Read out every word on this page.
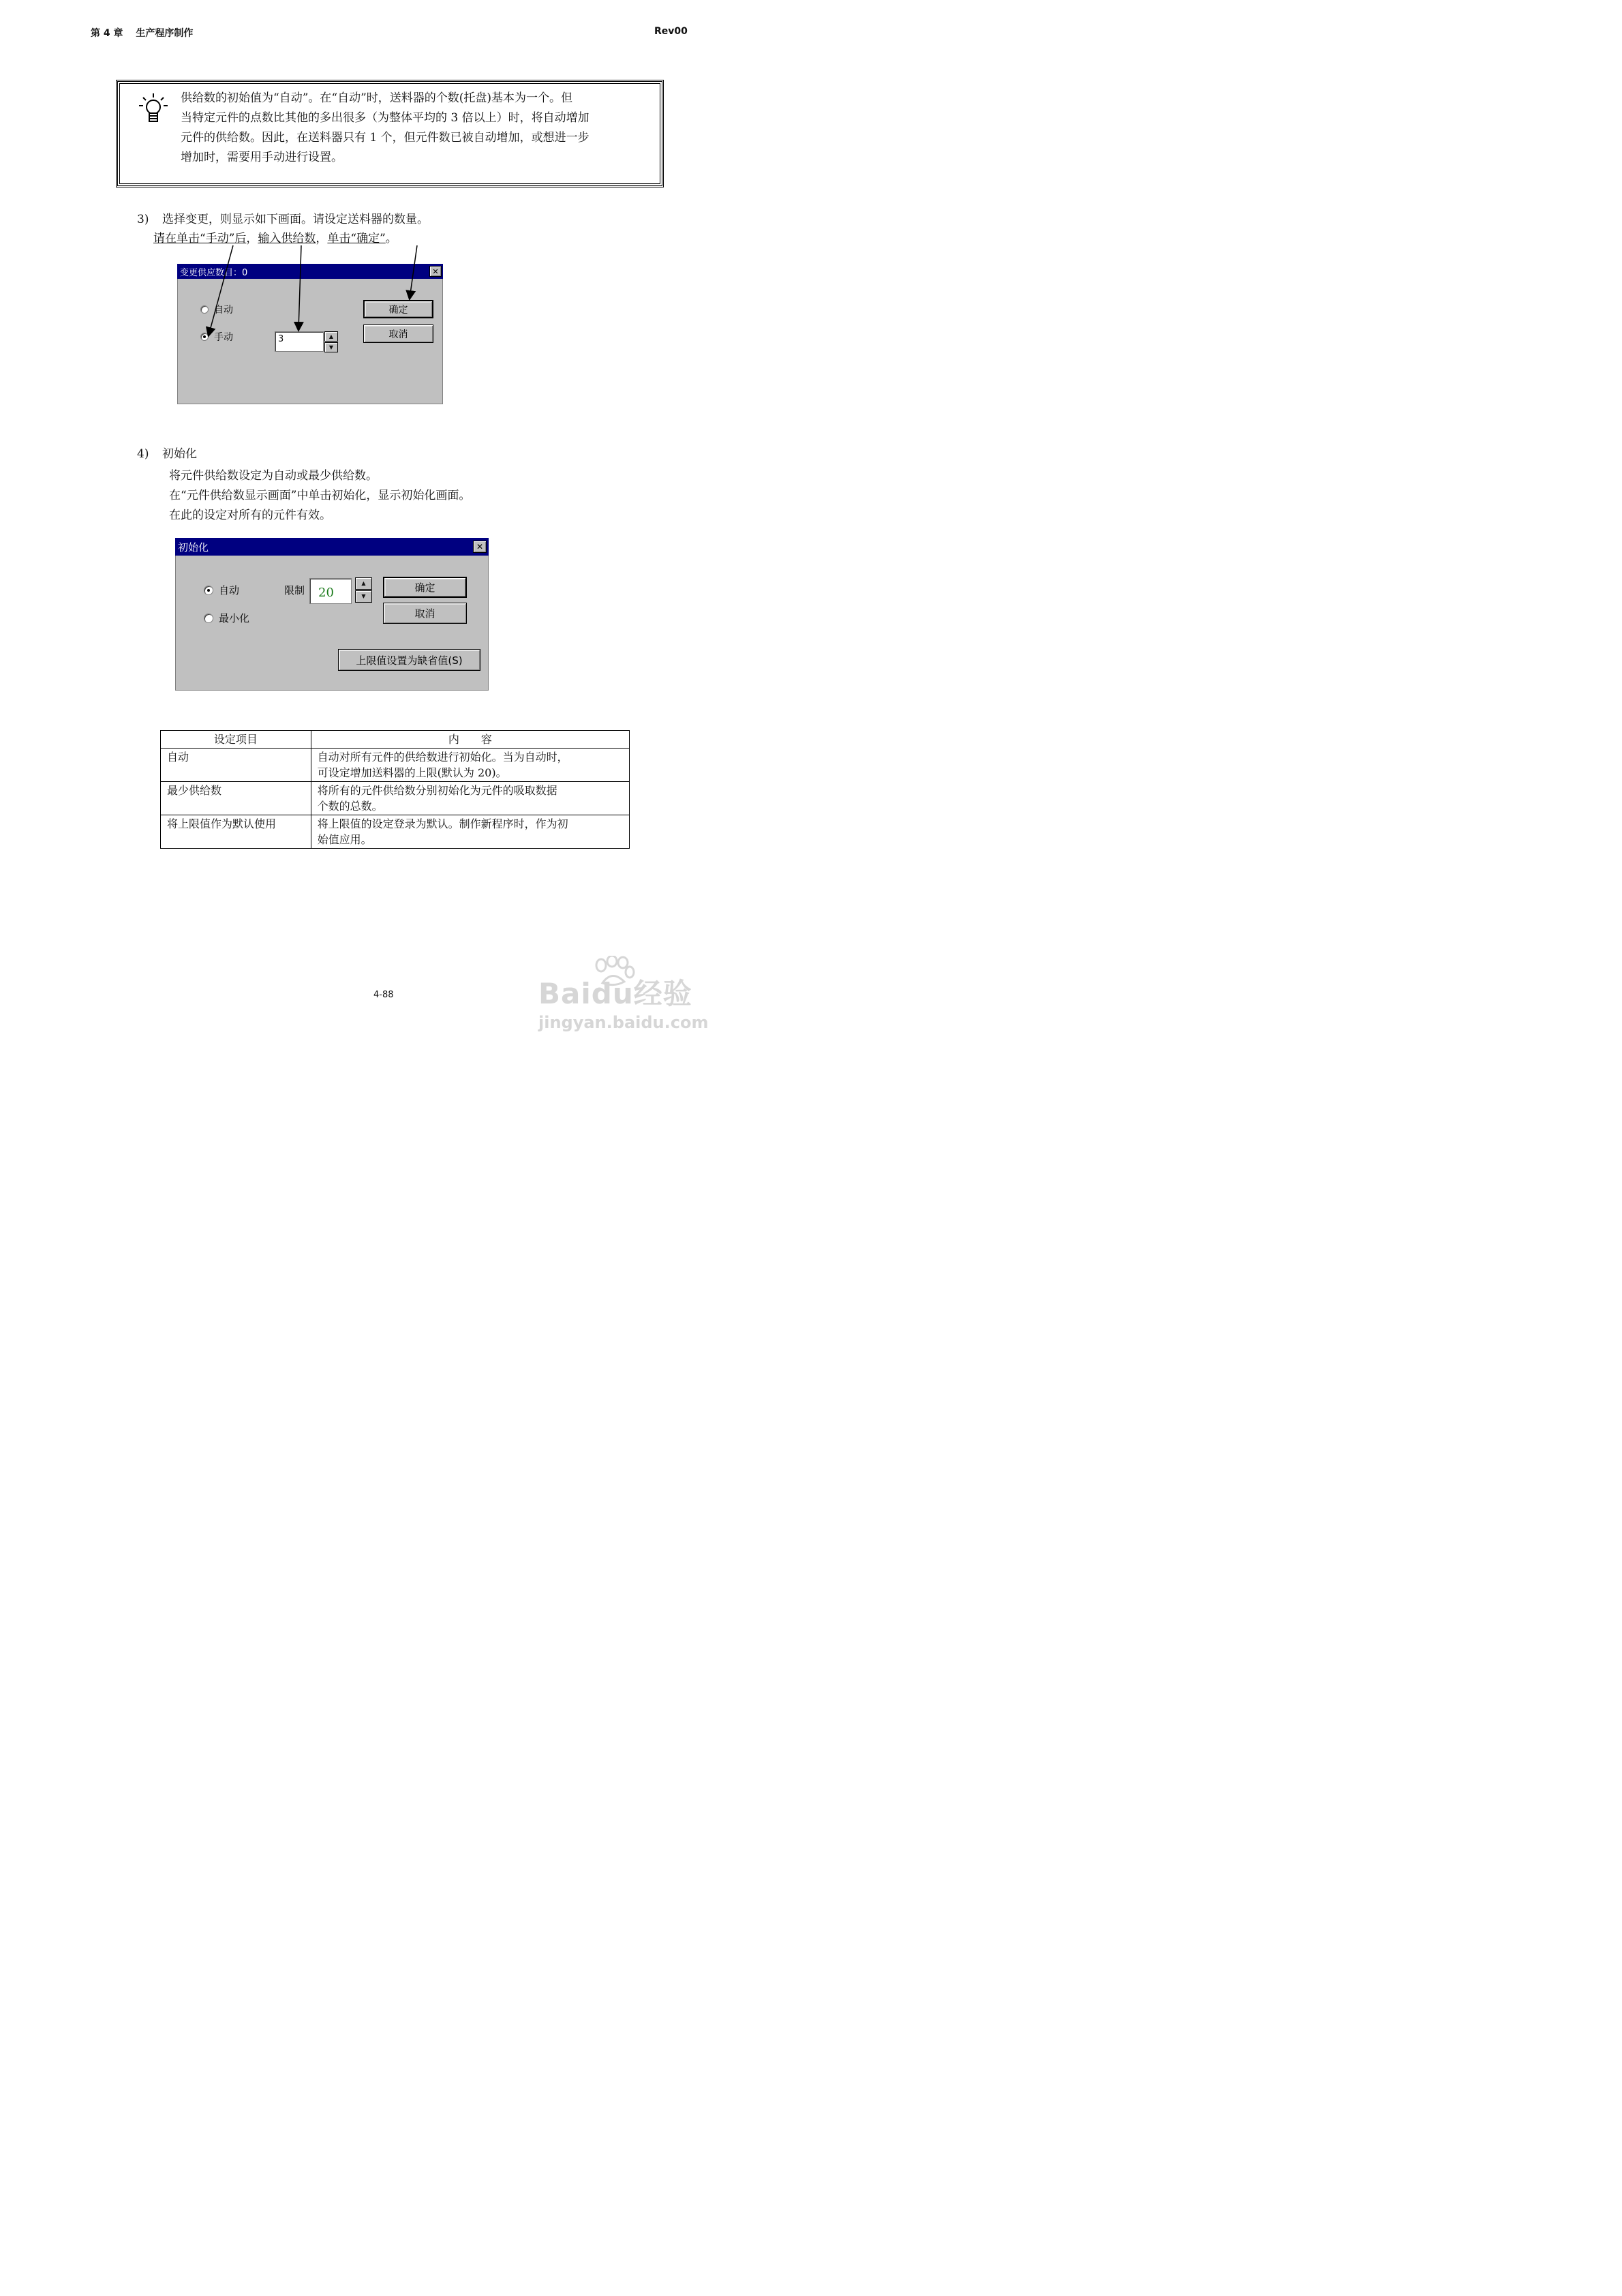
第 4 章　 生产程序制作	Rev00
供给数的初始值为“自动”。在“自动”时，送料器的个数(托盘)基本为一个。但
当特定元件的点数比其他的多出很多（为整体平均的 3 倍以上）时，将自动增加
元件的供给数。因此，在送料器只有 1 个，但元件数已被自动增加，或想进一步
增加时，需要用手动进行设置。
3) 选择变更，则显示如下画面。请设定送料器的数量。
请在单击“手动”后，输入供给数，单击“确定”。
变更供应数目：0	✕
自动
手动	3	▲
▼
确定
取消
4) 初始化
将元件供给数设定为自动或最少供给数。
在“元件供给数显示画面”中单击初始化，显示初始化画面。
在此的设定对所有的元件有效。
初始化	✕
自动
最小化
限制	20
▲
▼
确定
取消
上限值设置为缺省值(S)
设定项目	内　　容
自动	自动对所有元件的供给数进行初始化。当为自动时，
可设定增加送料器的上限(默认为 20)。

最少供给数	将所有的元件供给数分别初始化为元件的吸取数据
个数的总数。

将上限值作为默认使用	将上限值的设定登录为默认。制作新程序时，作为初
始值应用。
4-88	Baidu经验
jingyan.baidu.com
